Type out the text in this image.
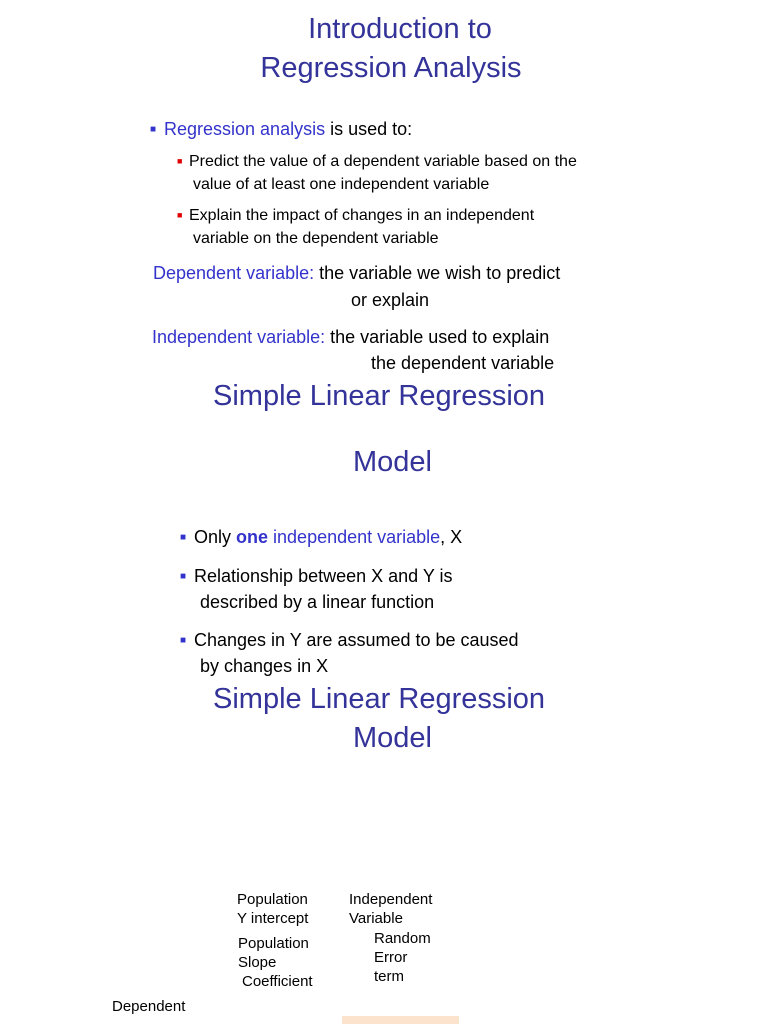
Introduction to
Regression Analysis
■ Regression analysis is used to:
■ Predict the value of a dependent variable based on the
value of at least one independent variable
■ Explain the impact of changes in an independent
variable on the dependent variable
Dependent variable: the variable we wish to predict
or explain
Independent variable: the variable used to explain
the dependent variable
Simple Linear Regression
Model
■ Only one independent variable, X
■ Relationship between X and Y is
described by a linear function
■ Changes in Y are assumed to be caused
by changes in X
Simple Linear Regression
Model
Population
Y intercept
Independent
Variable
Population
Slope
Coefficient
Random
Error
term
Dependent
